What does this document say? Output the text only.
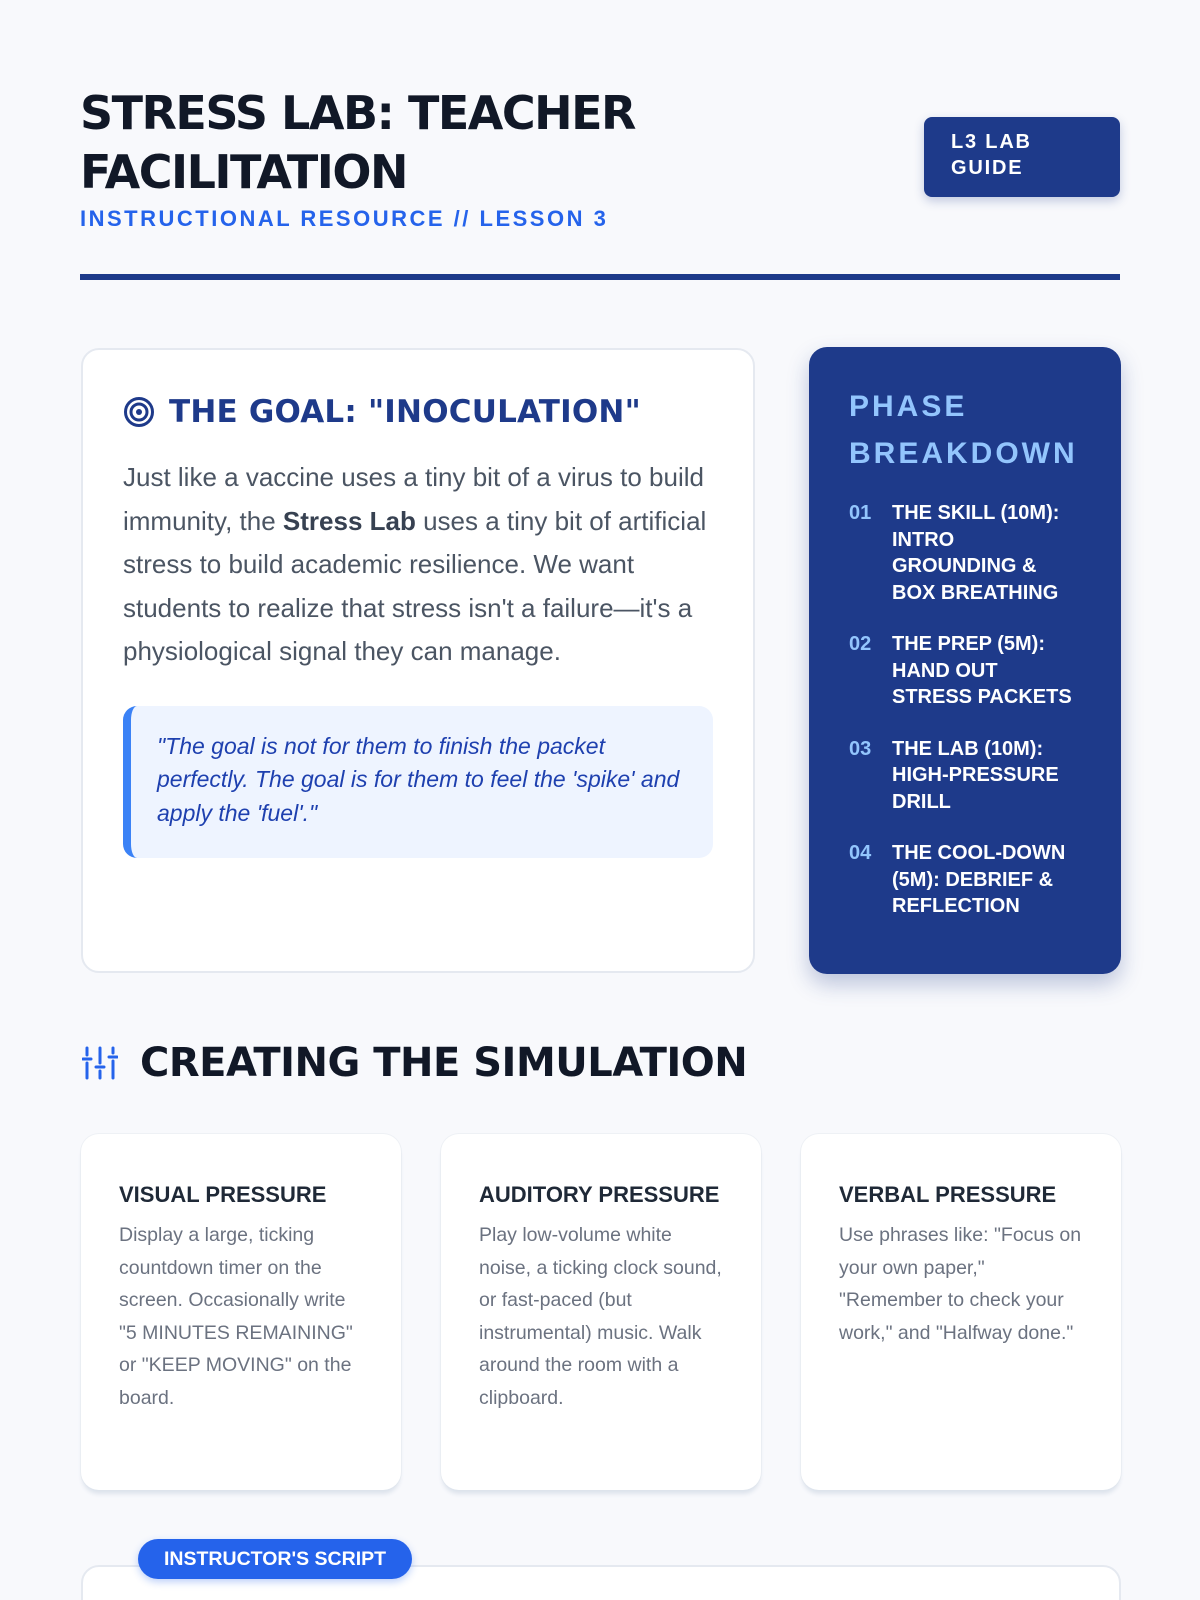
STRESS LAB: TEACHER FACILITATION
INSTRUCTIONAL RESOURCE // LESSON 3
L3 LAB GUIDE
THE GOAL: "INOCULATION"

Just like a vaccine uses a tiny bit of a virus to build immunity, the Stress Lab uses a tiny bit of artificial stress to build academic resilience. We want students to realize that stress isn't a failure—it's a physiological signal they can manage.

"The goal is not for them to finish the packet perfectly. The goal is for them to feel the 'spike' and apply the 'fuel'."
PHASE BREAKDOWN
01	THE SKILL (10M): INTRO GROUNDING & BOX BREATHING
02	THE PREP (5M): HAND OUT STRESS PACKETS
03	THE LAB (10M): HIGH-PRESSURE DRILL
04	THE COOL-DOWN (5M): DEBRIEF & REFLECTION
CREATING THE SIMULATION
VISUAL PRESSURE

Display a large, ticking countdown timer on the screen. Occasionally write "5 MINUTES REMAINING" or "KEEP MOVING" on the board.

AUDITORY PRESSURE

Play low-volume white noise, a ticking clock sound, or fast-paced (but instrumental) music. Walk around the room with a clipboard.

VERBAL PRESSURE

Use phrases like: "Focus on your own paper," "Remember to check your work," and "Halfway done."

INSTRUCTOR'S SCRIPT
